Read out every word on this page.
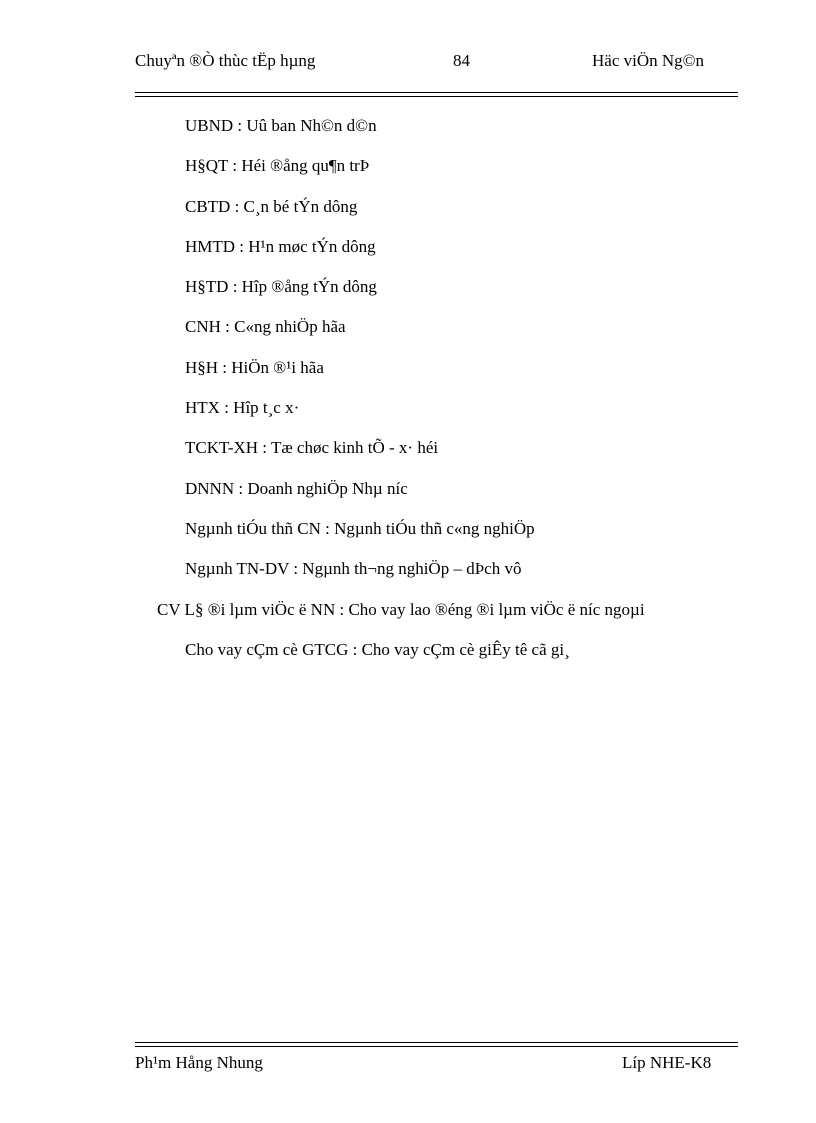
Chuyªn ®Ò thùc tËp hµng	84	Häc viÖn Ng©n
UBND : Uû ban Nh©n d©n
H§QT : Héi ®ång qu¶n trÞ
CBTD : C¸n bé tÝn dông
HMTD : H¹n møc tÝn dông
H§TD : Hîp ®ång tÝn dông
CNH : C«ng nhiÖp hãa
H§H : HiÖn ®¹i hãa
HTX : Hîp t¸c x·
TCKT-XH : Tæ chøc kinh tÕ - x· héi
DNNN : Doanh nghiÖp Nhµ níc
Ngµnh tiÓu thñ CN : Ngµnh tiÓu thñ c«ng nghiÖp
Ngµnh TN-DV : Ngµnh th¬ng nghiÖp – dÞch vô
CV L§ ®i lµm viÖc ë NN : Cho vay lao ®éng ®i lµm viÖc ë níc ngoµi
Cho vay cÇm cè GTCG : Cho vay cÇm cè giÊy tê cã gi¸
Ph¹m Hång Nhung	Líp NHE-K8
